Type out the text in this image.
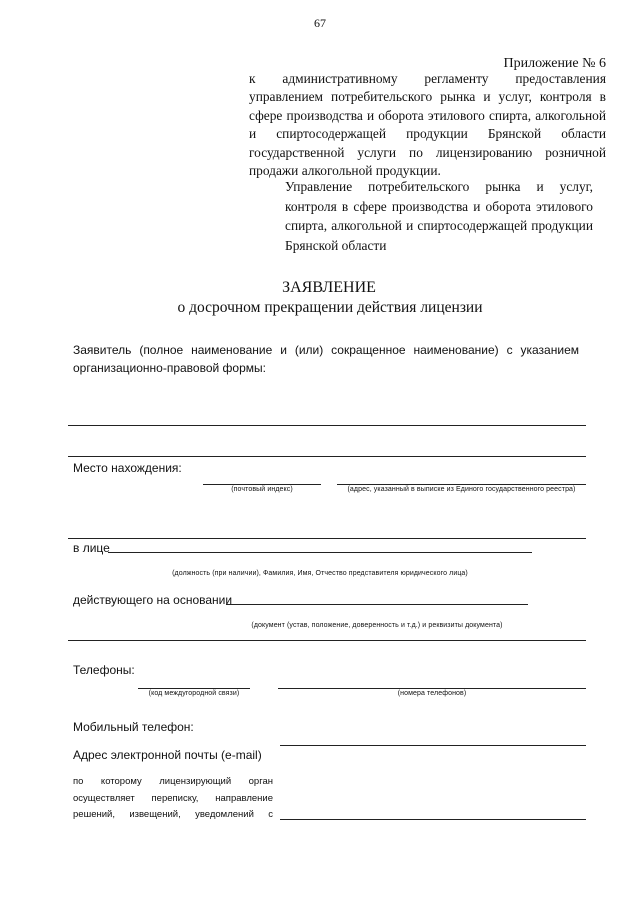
67
Приложение № 6
к административному регламенту предоставления
управлением потребительского рынка и услуг, контроля в
сфере производства и оборота этилового спирта, алкогольной
и спиртосодержащей продукции Брянской области
государственной услуги по лицензированию розничной
продажи алкогольной продукции.
Управление потребительского рынка и услуг,
контроля в сфере производства и оборота этилового
спирта, алкогольной и спиртосодержащей продукции
Брянской области
ЗАЯВЛЕНИЕ
о досрочном прекращении действия лицензии
Заявитель (полное наименование и (или) сокращенное наименование) с указанием
организационно-правовой формы:
Место нахождения:
(почтовый индекс)	(адрес, указанный в выписке из Единого государственного реестра)
в лице
(должность (при наличии), Фамилия, Имя, Отчество представителя юридического лица)
действующего на основании
(документ (устав, положение, доверенность и т.д.) и реквизиты документа)
Телефоны:
(код междугородной связи)	(номера телефонов)
Мобильный телефон:
Адрес электронной почты (e-mail)
по которому лицензирующий орган
осуществляет переписку, направление
решений, извещений, уведомлений с
